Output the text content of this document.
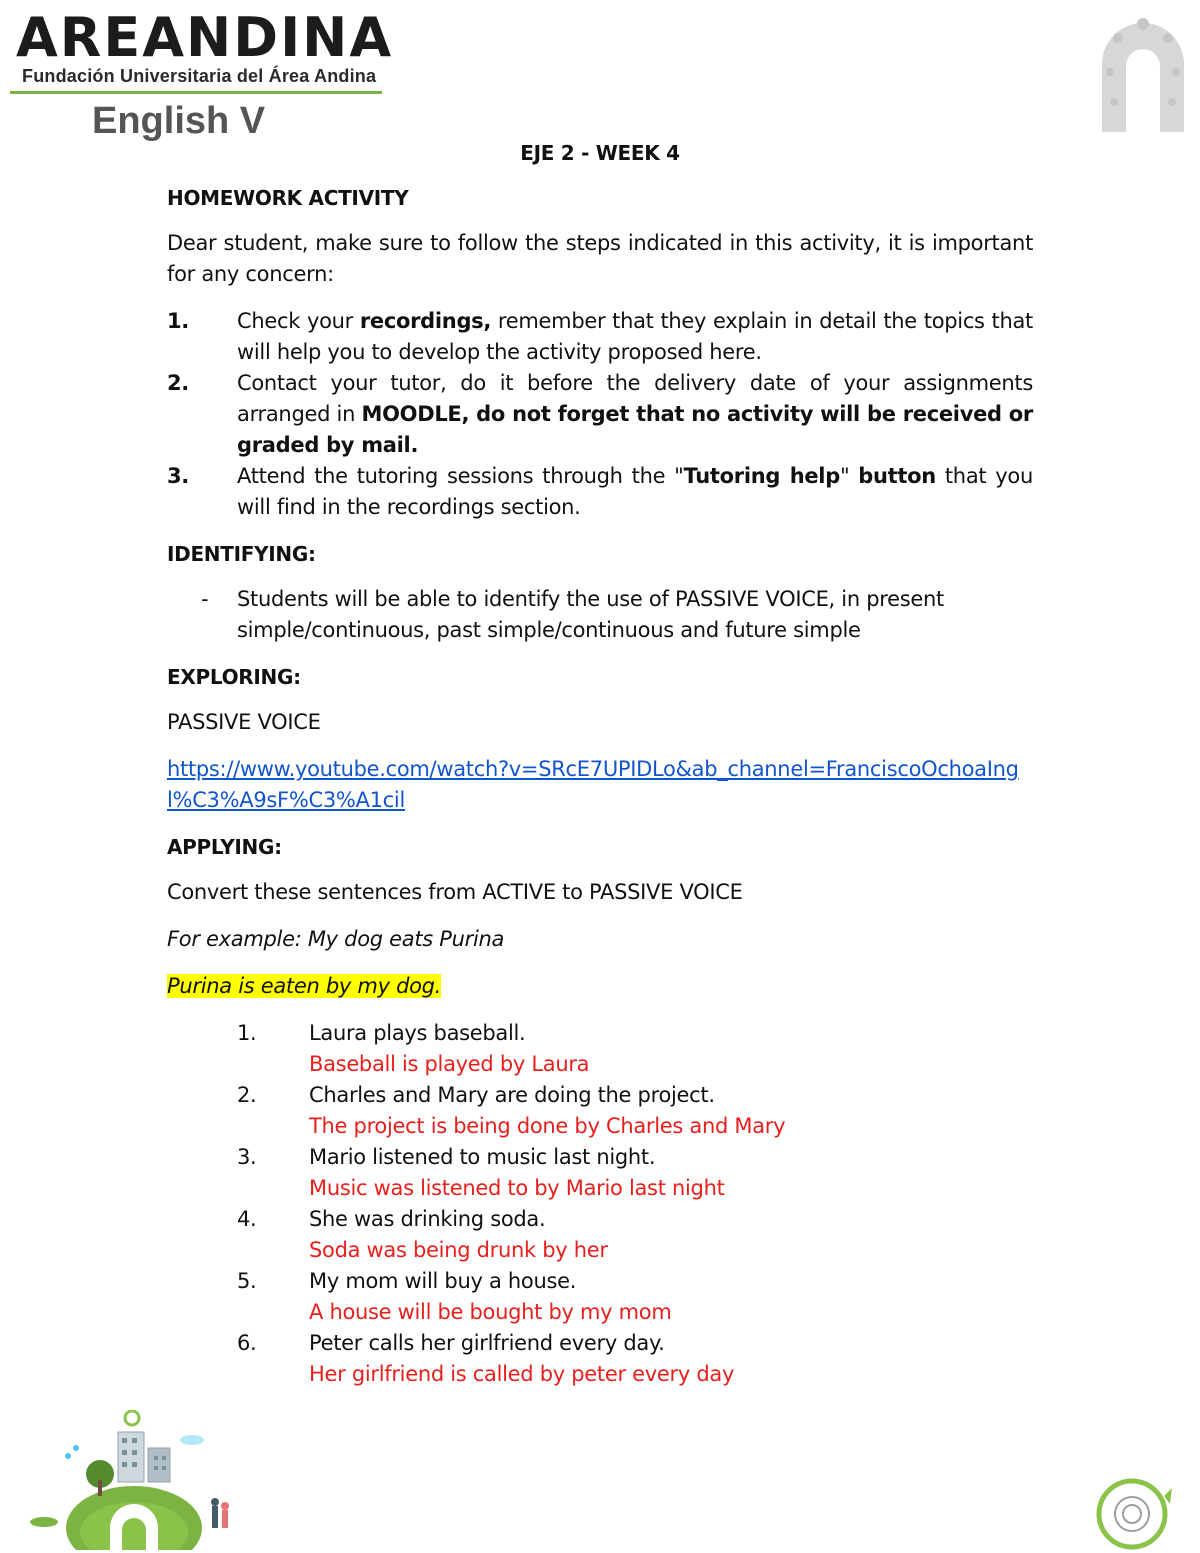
AREANDINA
Fundación Universitaria del Área Andina
English V
EJE 2 - WEEK 4
HOMEWORK ACTIVITY

Dear student, make sure to follow the steps indicated in this activity, it is important for any concern:

1. Check your recordings, remember that they explain in detail the topics that will help you to develop the activity proposed here.
2. Contact your tutor, do it before the delivery date of your assignments arranged in MOODLE, do not forget that no activity will be received or graded by mail.
3. Attend the tutoring sessions through the "Tutoring help" button that you will find in the recordings section.
IDENTIFYING:
- Students will be able to identify the use of PASSIVE VOICE, in present simple/continuous, past simple/continuous and future simple
EXPLORING:

PASSIVE VOICE

https://www.youtube.com/watch?v=SRcE7UPIDLo&ab_channel=FranciscoOchoaIngl%C3%A9sF%C3%A1cil

APPLYING:

Convert these sentences from ACTIVE to PASSIVE VOICE

For example: My dog eats Purina

Purina is eaten by my dog.

1.	Laura plays baseball.
Baseball is played by Laura
2.	Charles and Mary are doing the project.
The project is being done by Charles and Mary
3.	Mario listened to music last night.
Music was listened to by Mario last night
4.	She was drinking soda.
Soda was being drunk by her
5.	My mom will buy a house.
A house will be bought by my mom
6.	Peter calls her girlfriend every day.
Her girlfriend is called by peter every day
